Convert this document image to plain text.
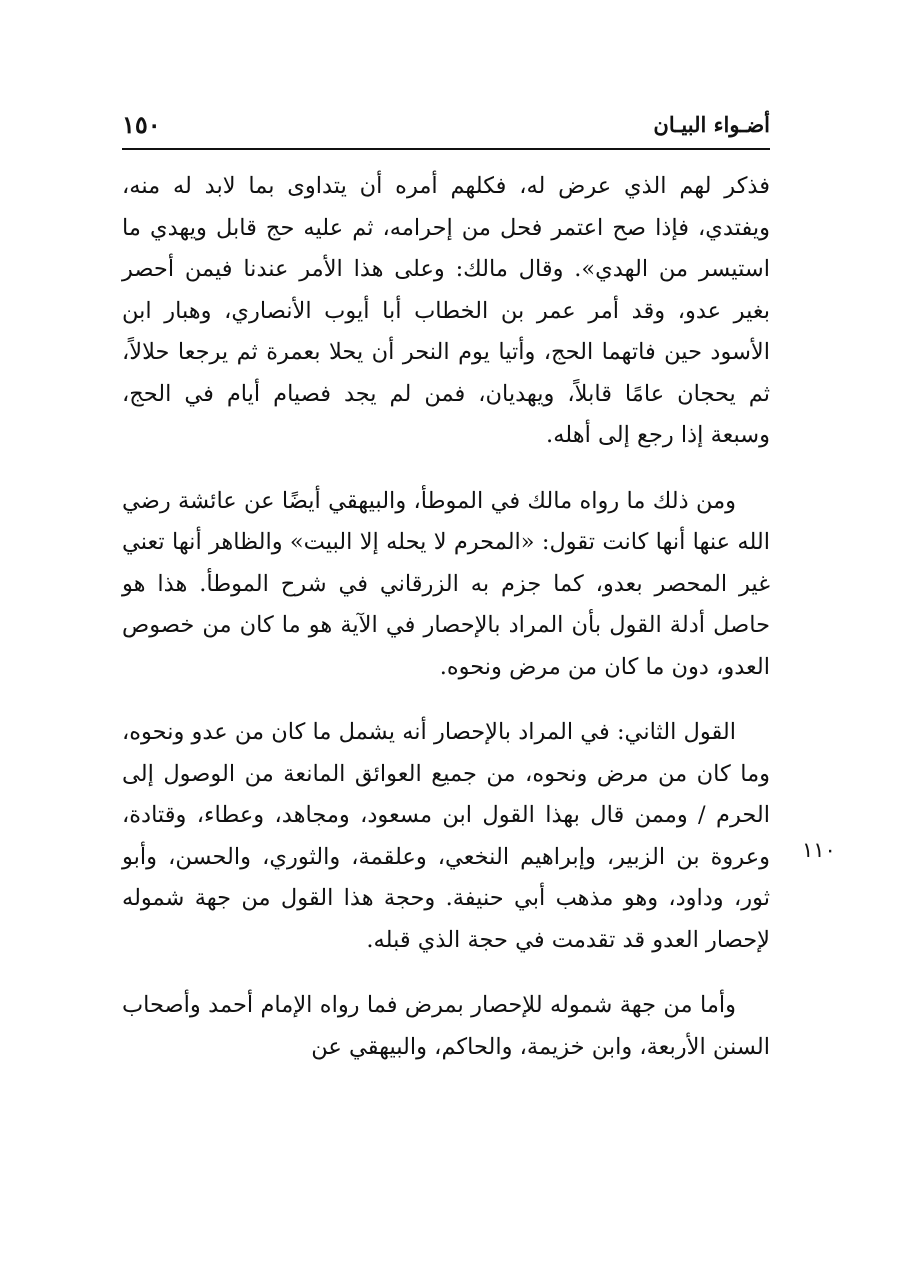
أضـواء البيـان
١٥٠

فذكر لهم الذي عرض له، فكلهم أمره أن يتداوى بما لابد له منه، ويفتدي، فإذا صح اعتمر فحل من إحرامه، ثم عليه حج قابل ويهدي ما استيسر من الهدي». وقال مالك: وعلى هذا الأمر عندنا فيمن أحصر بغير عدو، وقد أمر عمر بن الخطاب أبا أيوب الأنصاري، وهبار ابن الأسود حين فاتهما الحج، وأتيا يوم النحر أن يحلا بعمرة ثم يرجعا حلالاً، ثم يحجان عامًا قابلاً، ويهديان، فمن لم يجد فصيام أيام في الحج، وسبعة إذا رجع إلى أهله.

ومن ذلك ما رواه مالك في الموطأ، والبيهقي أيضًا عن عائشة رضي الله عنها أنها كانت تقول: «المحرم لا يحله إلا البيت» والظاهر أنها تعني غير المحصر بعدو، كما جزم به الزرقاني في شرح الموطأ. هذا هو حاصل أدلة القول بأن المراد بالإحصار في الآية هو ما كان من خصوص العدو، دون ما كان من مرض ونحوه.

القول الثاني: في المراد بالإحصار أنه يشمل ما كان من عدو ونحوه، وما كان من مرض ونحوه، من جميع العوائق المانعة من الوصول إلى الحرم / وممن قال بهذا القول ابن مسعود، ومجاهد، وعطاء، وقتادة، وعروة بن الزبير، وإبراهيم النخعي، وعلقمة، والثوري، والحسن، وأبو ثور، وداود، وهو مذهب أبي حنيفة. وحجة هذا القول من جهة شموله لإحصار العدو قد تقدمت في حجة الذي قبله.

وأما من جهة شموله للإحصار بمرض فما رواه الإمام أحمد وأصحاب السنن الأربعة، وابن خزيمة، والحاكم، والبيهقي عن

١١٠
